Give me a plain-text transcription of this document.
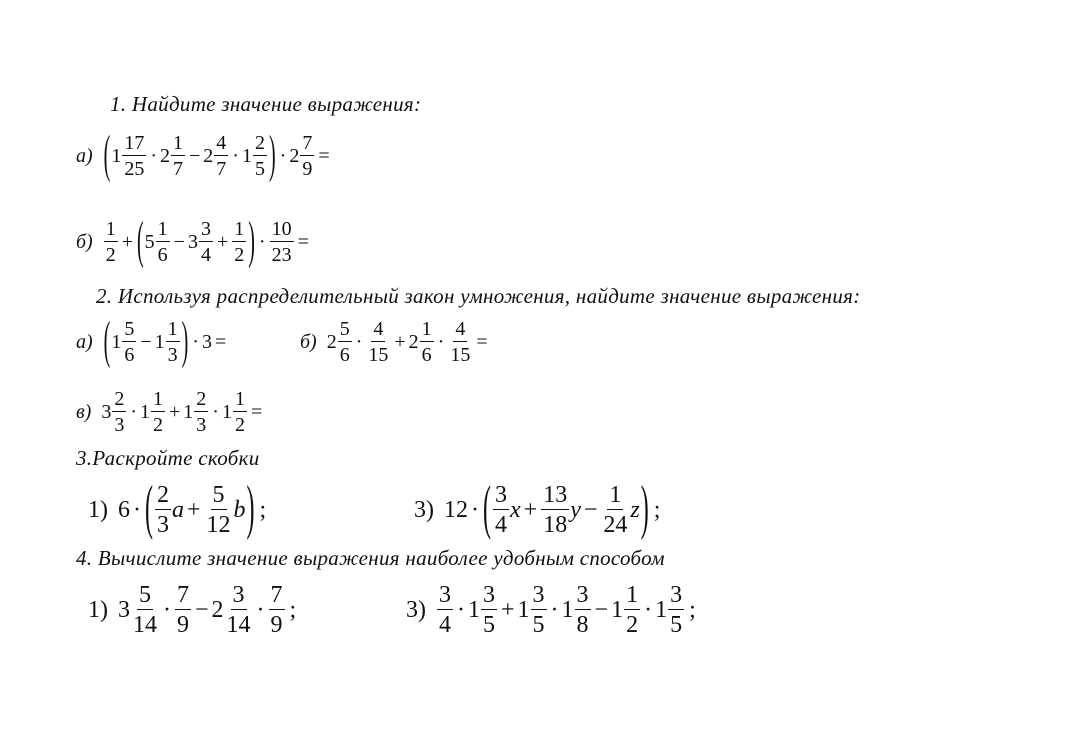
1. Найдите значение выражения:
а) ( $1 \frac{17}{25} \cdot 2 \frac{1}{7} - 2 \frac{4}{7} \cdot 1 \frac{2}{5}$ ) · $2 \frac{7}{9}$ =
$б) \frac{1}{2}$ + ( $5 \frac{1}{6} - 3 \frac{3}{4} + \frac{1}{2}$ ) · $\frac{10}{23}$ =
2. Используя распределительный закон умножения, найдите значение выражения:
а) ( $1 \frac{5}{6} - 1 \frac{1}{3}$ ) · 3 =	б) $2 \frac{5}{6} \cdot \frac{4}{15} + 2 \frac{1}{6} \cdot \frac{4}{15}$ =
в) $3 \frac{2}{3} \cdot 1 \frac{1}{2} + 1 \frac{2}{3} \cdot 1 \frac{1}{2}$ =
3.Раскройте скобки
1) 6 · ( $\frac{2}{3}$ $a + \frac{5}{12}$ b ) ;	3) 12 · ( $\frac{3}{4}$ $x + \frac{13}{18}$ $y - \frac{1}{24}$ z ) ;
4. Вычислите значение выражения наиболее удобным способом
1) $3 \frac{5}{14} \cdot \frac{7}{9} - 2 \frac{3}{14} \cdot \frac{7}{9}$ ;	$3) \frac{3}{4} \cdot 1 \frac{3}{5} + 1 \frac{3}{5} \cdot 1 \frac{3}{8} - 1 \frac{1}{2} \cdot 1 \frac{3}{5}$ ;
